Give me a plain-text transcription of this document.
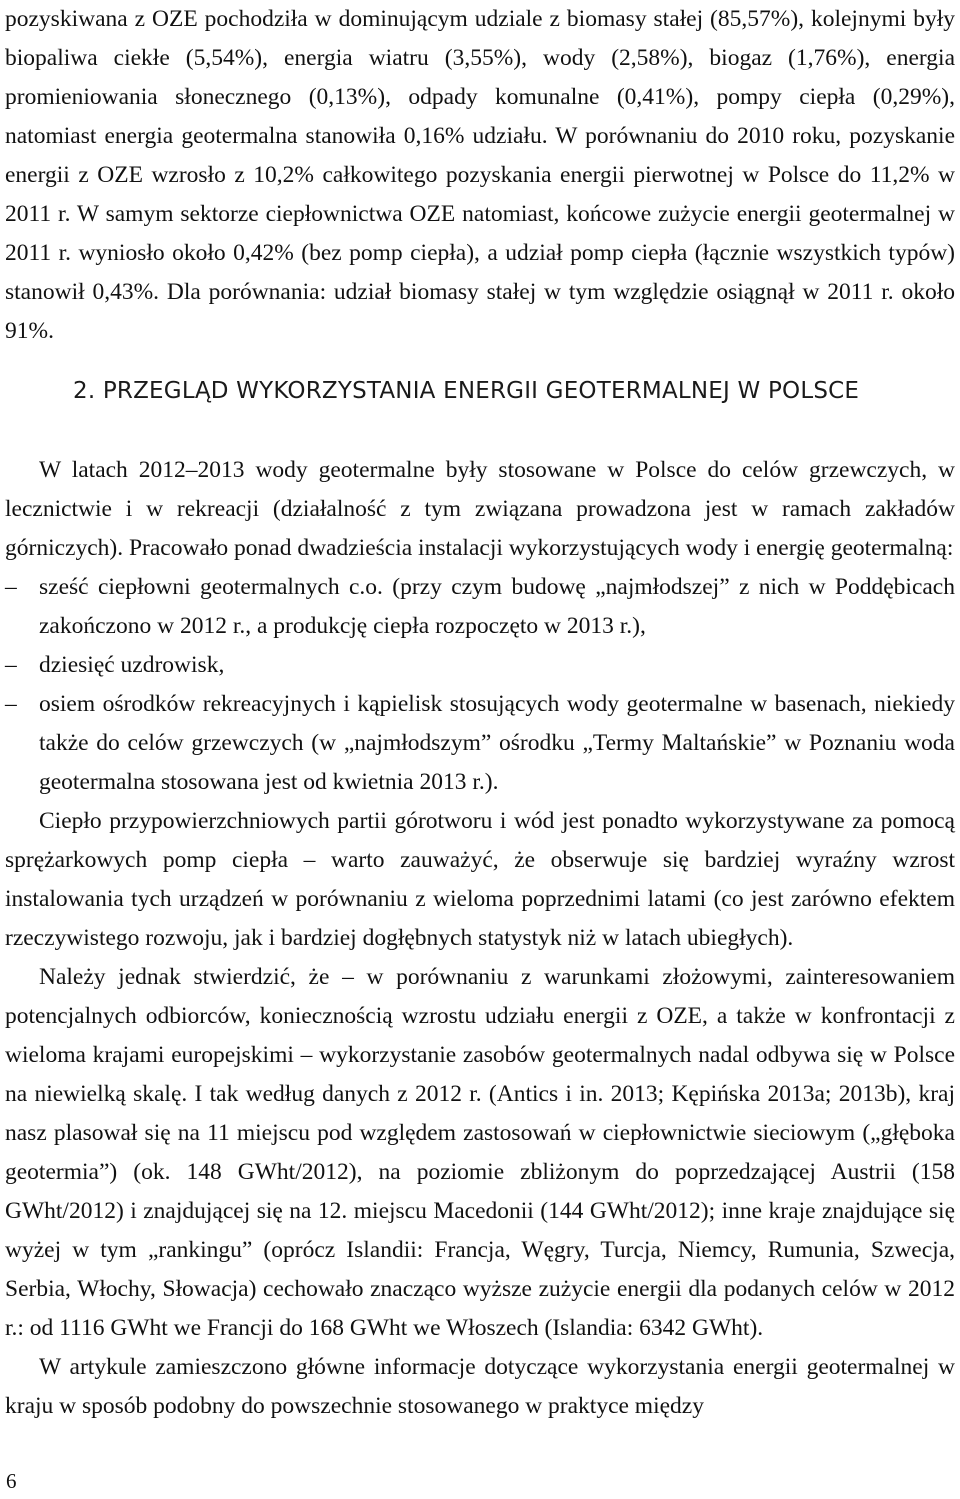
pozyskiwana z OZE pochodziła w dominującym udziale z biomasy stałej (85,57%), kolejnymi były biopaliwa ciekłe (5,54%), energia wiatru (3,55%), wody (2,58%), biogaz (1,76%), energia promieniowania słonecznego (0,13%), odpady komunalne (0,41%), pompy ciepła (0,29%), natomiast energia geotermalna stanowiła 0,16% udziału. W porównaniu do 2010 roku, pozyskanie energii z OZE wzrosło z 10,2% całkowitego pozyskania energii pierwotnej w Polsce do 11,2% w 2011 r. W samym sektorze ciepłownictwa OZE natomiast, końcowe zużycie energii geotermalnej w 2011 r. wyniosło około 0,42% (bez pomp ciepła), a udział pomp ciepła (łącznie wszystkich typów) stanowił 0,43%. Dla porównania: udział biomasy stałej w tym względzie osiągnął w 2011 r. około 91%.

2. PRZEGLĄD WYKORZYSTANIA ENERGII GEOTERMALNEJ W POLSCE

W latach 2012–2013 wody geotermalne były stosowane w Polsce do celów grzewczych, w lecznictwie i w rekreacji (działalność z tym związana prowadzona jest w ramach zakładów górniczych). Pracowało ponad dwadzieścia instalacji wykorzystujących wody i energię geotermalną:

– sześć ciepłowni geotermalnych c.o. (przy czym budowę „najmłodszej” z nich w Poddębicach zakończono w 2012 r., a produkcję ciepła rozpoczęto w 2013 r.),
– dziesięć uzdrowisk,
– osiem ośrodków rekreacyjnych i kąpielisk stosujących wody geotermalne w basenach, niekiedy także do celów grzewczych (w „najmłodszym” ośrodku „Termy Maltańskie” w Poznaniu woda geotermalna stosowana jest od kwietnia 2013 r.).

Ciepło przypowierzchniowych partii górotworu i wód jest ponadto wykorzystywane za pomocą sprężarkowych pomp ciepła – warto zauważyć, że obserwuje się bardziej wyraźny wzrost instalowania tych urządzeń w porównaniu z wieloma poprzednimi latami (co jest zarówno efektem rzeczywistego rozwoju, jak i bardziej dogłębnych statystyk niż w latach ubiegłych).

Należy jednak stwierdzić, że – w porównaniu z warunkami złożowymi, zainteresowaniem potencjalnych odbiorców, koniecznością wzrostu udziału energii z OZE, a także w konfrontacji z wieloma krajami europejskimi – wykorzystanie zasobów geotermalnych nadal odbywa się w Polsce na niewielką skalę. I tak według danych z 2012 r. (Antics i in. 2013; Kępińska 2013a; 2013b), kraj nasz plasował się na 11 miejscu pod względem zastosowań w ciepłownictwie sieciowym („głęboka geotermia”) (ok. 148 GWht/2012), na poziomie zbliżonym do poprzedzającej Austrii (158 GWht/2012) i znajdującej się na 12. miejscu Macedonii (144 GWht/2012); inne kraje znajdujące się wyżej w tym „rankingu” (oprócz Islandii: Francja, Węgry, Turcja, Niemcy, Rumunia, Szwecja, Serbia, Włochy, Słowacja) cechowało znacząco wyższe zużycie energii dla podanych celów w 2012 r.: od 1116 GWht we Francji do 168 GWht we Włoszech (Islandia: 6342 GWht).

W artykule zamieszczono główne informacje dotyczące wykorzystania energii geotermalnej w kraju w sposób podobny do powszechnie stosowanego w praktyce między

6
